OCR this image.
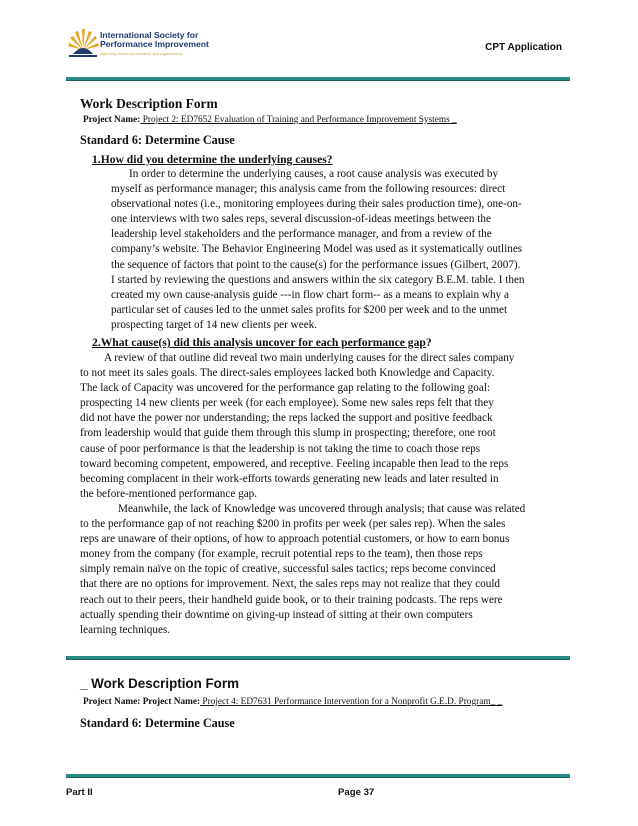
International Society for
Performance Improvement
improving human performance and organizations
CPT Application
Work Description Form
Project Name: Project 2: ED7652 Evaluation of Training and Performance Improvement Systems _
Standard 6: Determine Cause
1.How did you determine the underlying causes?

In order to determine the underlying causes, a root cause analysis was executed by

myself as performance manager; this analysis came from the following resources: direct

observational notes (i.e., monitoring employees during their sales production time), one-on-

one interviews with two sales reps, several discussion-of-ideas meetings between the

leadership level stakeholders and the performance manager, and from a review of the

company’s website. The Behavior Engineering Model was used as it systematically outlines

the sequence of factors that point to the cause(s) for the performance issues (Gilbert, 2007).

I started by reviewing the questions and answers within the six category B.E.M. table. I then

created my own cause-analysis guide ---in flow chart form-- as a means to explain why a

particular set of causes led to the unmet sales profits for $200 per week and to the unmet

prospecting target of 14 new clients per week.

2.What cause(s) did this analysis uncover for each performance gap?

A review of that outline did reveal two main underlying causes for the direct sales company

to not meet its sales goals. The direct-sales employees lacked both Knowledge and Capacity.

The lack of Capacity was uncovered for the performance gap relating to the following goal:

prospecting 14 new clients per week (for each employee). Some new sales reps felt that they

did not have the power nor understanding; the reps lacked the support and positive feedback

from leadership would that guide them through this slump in prospecting; therefore, one root

cause of poor performance is that the leadership is not taking the time to coach those reps

toward becoming competent, empowered, and receptive. Feeling incapable then lead to the reps

becoming complacent in their work-efforts towards generating new leads and later resulted in

the before-mentioned performance gap.

Meanwhile, the lack of Knowledge was uncovered through analysis; that cause was related

to the performance gap of not reaching $200 in profits per week (per sales rep). When the sales

reps are unaware of their options, of how to approach potential customers, or how to earn bonus

money from the company (for example, recruit potential reps to the team), then those reps

simply remain naïve on the topic of creative, successful sales tactics; reps become convinced

that there are no options for improvement. Next, the sales reps may not realize that they could

reach out to their peers, their handheld guide book, or to their training podcasts. The reps were

actually spending their downtime on giving-up instead of sitting at their own computers

learning techniques.

_ Work Description Form
Project Name: Project Name: Project 4: ED7631 Performance Intervention for a Nonprofit G.E.D. Program_ _
Standard 6: Determine Cause
Part II	Page 37
